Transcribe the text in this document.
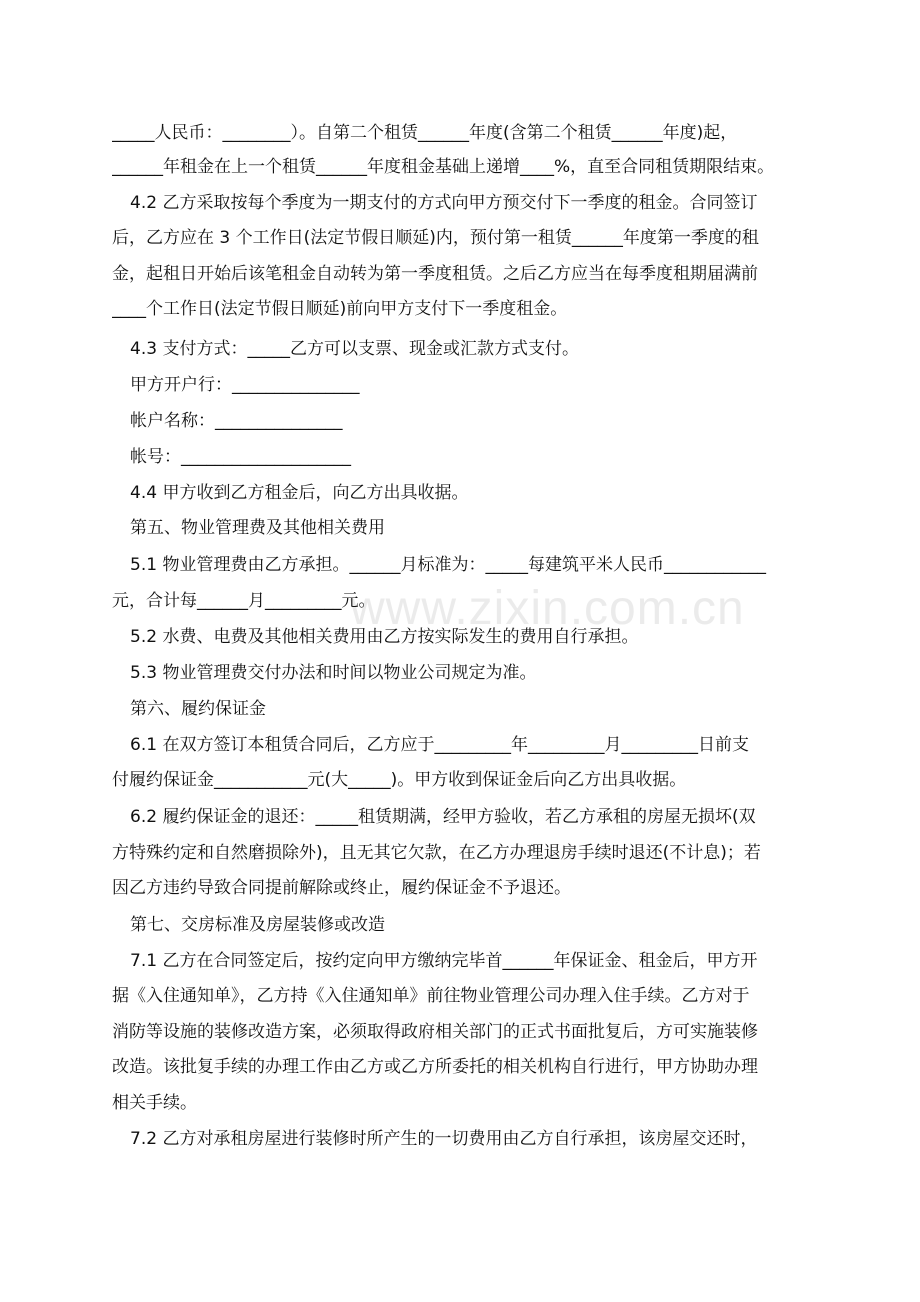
www.zixin.com.cn
_____人民币：________）。自第二个租赁______年度(含第二个租赁______年度)起，
______年租金在上一个租赁______年度租金基础上递增____%，直至合同租赁期限结束。
4.2 乙方采取按每个季度为一期支付的方式向甲方预交付下一季度的租金。合同签订
后，乙方应在 3 个工作日(法定节假日顺延)内，预付第一租赁______年度第一季度的租
金，起租日开始后该笔租金自动转为第一季度租赁。之后乙方应当在每季度租期届满前
____个工作日(法定节假日顺延)前向甲方支付下一季度租金。
4.3 支付方式：_____乙方可以支票、现金或汇款方式支付。
甲方开户行：_______________
帐户名称：_______________
帐号：____________________
4.4 甲方收到乙方租金后，向乙方出具收据。
第五、物业管理费及其他相关费用
5.1 物业管理费由乙方承担。______月标准为：_____每建筑平米人民币____________
元，合计每______月_________元。
5.2 水费、电费及其他相关费用由乙方按实际发生的费用自行承担。
5.3 物业管理费交付办法和时间以物业公司规定为准。
第六、履约保证金
6.1 在双方签订本租赁合同后，乙方应于_________年_________月_________日前支
付履约保证金___________元(大_____)。甲方收到保证金后向乙方出具收据。
6.2 履约保证金的退还：_____租赁期满，经甲方验收，若乙方承租的房屋无损坏(双
方特殊约定和自然磨损除外)，且无其它欠款，在乙方办理退房手续时退还(不计息)；若
因乙方违约导致合同提前解除或终止，履约保证金不予退还。
第七、交房标准及房屋装修或改造
7.1 乙方在合同签定后，按约定向甲方缴纳完毕首______年保证金、租金后，甲方开
据《入住通知单》，乙方持《入住通知单》前往物业管理公司办理入住手续。乙方对于
消防等设施的装修改造方案，必须取得政府相关部门的正式书面批复后，方可实施装修
改造。该批复手续的办理工作由乙方或乙方所委托的相关机构自行进行，甲方协助办理
相关手续。
7.2 乙方对承租房屋进行装修时所产生的一切费用由乙方自行承担，该房屋交还时，
